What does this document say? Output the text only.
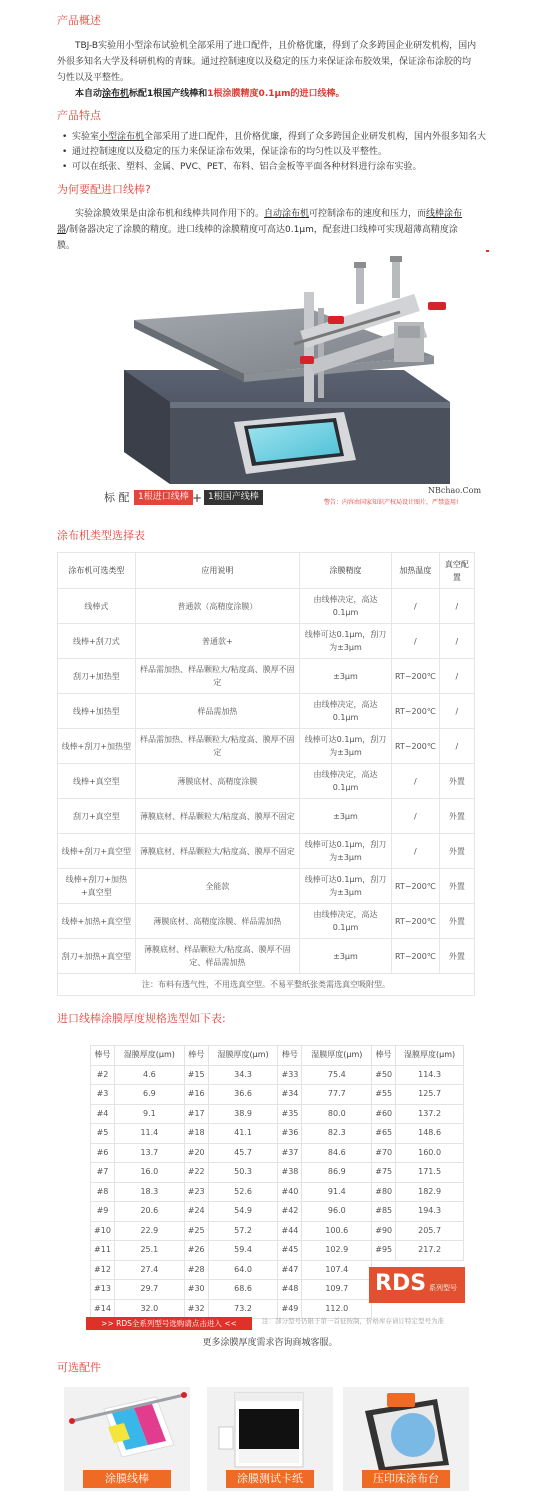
产品概述
TBJ-B实验用小型涂布试验机全部采用了进口配件，且价格优廉，得到了众多跨国企业研发机构，国内外很多知名大学及科研机构的青睐。通过控制速度以及稳定的压力来保证涂布胶效果，保证涂布涂胶的均匀性以及平整性。
本自动涂布机标配1根国产线棒和1根涂膜精度0.1μm的进口线棒。
产品特点
• 实验室小型涂布机全部采用了进口配件，且价格优廉，得到了众多跨国企业研发机构，国内外很多知名大
• 通过控制速度以及稳定的压力来保证涂布效果，保证涂布的均匀性以及平整性。
• 可以在纸张、塑料、金属、PVC、PET、布料、铝合金板等平面各种材料进行涂布实验。
为何要配进口线棒?
实验涂膜效果是由涂布机和线棒共同作用下的。自动涂布机可控制涂布的速度和压力，而线棒涂布器/制备器决定了涂膜的精度。进口线棒的涂膜精度可高达0.1μm，配套进口线棒可实现超薄高精度涂膜。
标 配 1根进口线棒 + 1根国产线棒
NBchao.Com
警告：内容由国家知识产权局设计图片，严禁盗用!
涂布机类型选择表
涂布机可选类型	应用说明	涂膜精度	加热温度	真空配置
线棒式	普通款（高精度涂膜）	由线棒决定，高达0.1μm	/	/
线棒+刮刀式	普通款+	线棒可达0.1μm，刮刀为±3μm	/	/
刮刀+加热型	样品需加热、样品颗粒大/粘度高、膜厚不固定	±3μm	RT~200℃	/
线棒+加热型	样品需加热	由线棒决定，高达0.1μm	RT~200℃	/
线棒+刮刀+加热型	样品需加热、样品颗粒大/粘度高、膜厚不固定	线棒可达0.1μm，刮刀为±3μm	RT~200℃	/
线棒+真空型	薄膜底材、高精度涂膜	由线棒决定，高达0.1μm	/	外置
刮刀+真空型	薄膜底材、样品颗粒大/粘度高、膜厚不固定	±3μm	/	外置
线棒+刮刀+真空型	薄膜底材、样品颗粒大/粘度高、膜厚不固定	线棒可达0.1μm，刮刀为±3μm	/	外置
线棒+刮刀+加热+真空型	全能款	线棒可达0.1μm，刮刀为±3μm	RT~200℃	外置
线棒+加热+真空型	薄膜底材、高精度涂膜、样品需加热	由线棒决定，高达0.1μm	RT~200℃	外置
刮刀+加热+真空型	薄膜底材、样品颗粒大/粘度高、膜厚不固定、样品需加热	±3μm	RT~200℃	外置
注：布料有透气性，不用选真空型。不易平整纸张类需选真空吸附型。				
进口线棒涂膜厚度规格选型如下表:
棒号	湿膜厚度(μm)	棒号	湿膜厚度(μm)	棒号	湿膜厚度(μm)	棒号	湿膜厚度(μm)
#2	4.6	#15	34.3	#33	75.4	#50	114.3
#3	6.9	#16	36.6	#34	77.7	#55	125.7
#4	9.1	#17	38.9	#35	80.0	#60	137.2
#5	11.4	#18	41.1	#36	82.3	#65	148.6
#6	13.7	#20	45.7	#37	84.6	#70	160.0
#7	16.0	#22	50.3	#38	86.9	#75	171.5
#8	18.3	#23	52.6	#40	91.4	#80	182.9
#9	20.6	#24	54.9	#42	96.0	#85	194.3
#10	22.9	#25	57.2	#44	100.6	#90	205.7
#11	25.1	#26	59.4	#45	102.9	#95	217.2
#12	27.4	#28	64.0	#47	107.4		
#13	29.7	#30	68.6	#48	109.7		
#14	32.0	#32	73.2	#49	112.0		
RDS 系列型号
>> RDS全系列型号选购请点击进入 <<	注：部分型号仍限于第一首征按制，价格库存请订特定型号为准
更多涂膜厚度需求咨询商城客服。
可选配件
涂膜线棒	涂膜测试卡纸	压印床涂布台
